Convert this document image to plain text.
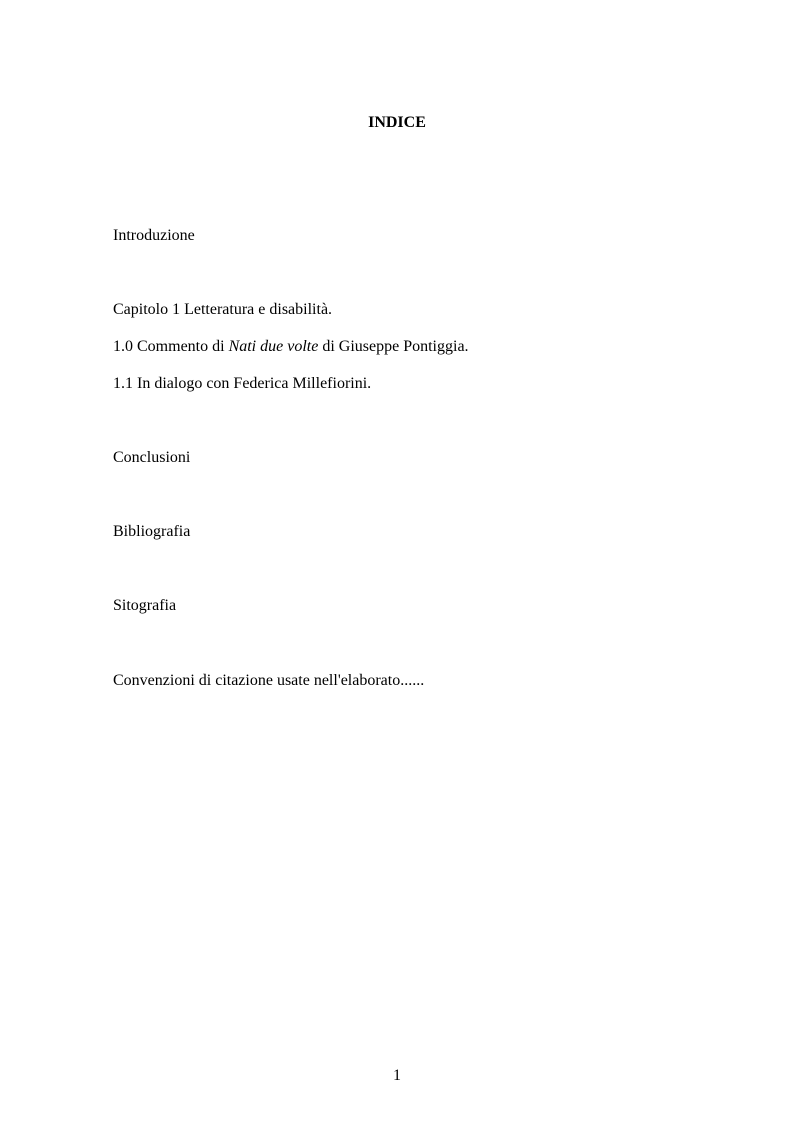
INDICE
Introduzione
Capitolo 1 Letteratura e disabilità.
1.0 Commento di Nati due volte di Giuseppe Pontiggia.
1.1 In dialogo con Federica Millefiorini.
Conclusioni
Bibliografia
Sitografia
Convenzioni di citazione usate nell'elaborato......
1
